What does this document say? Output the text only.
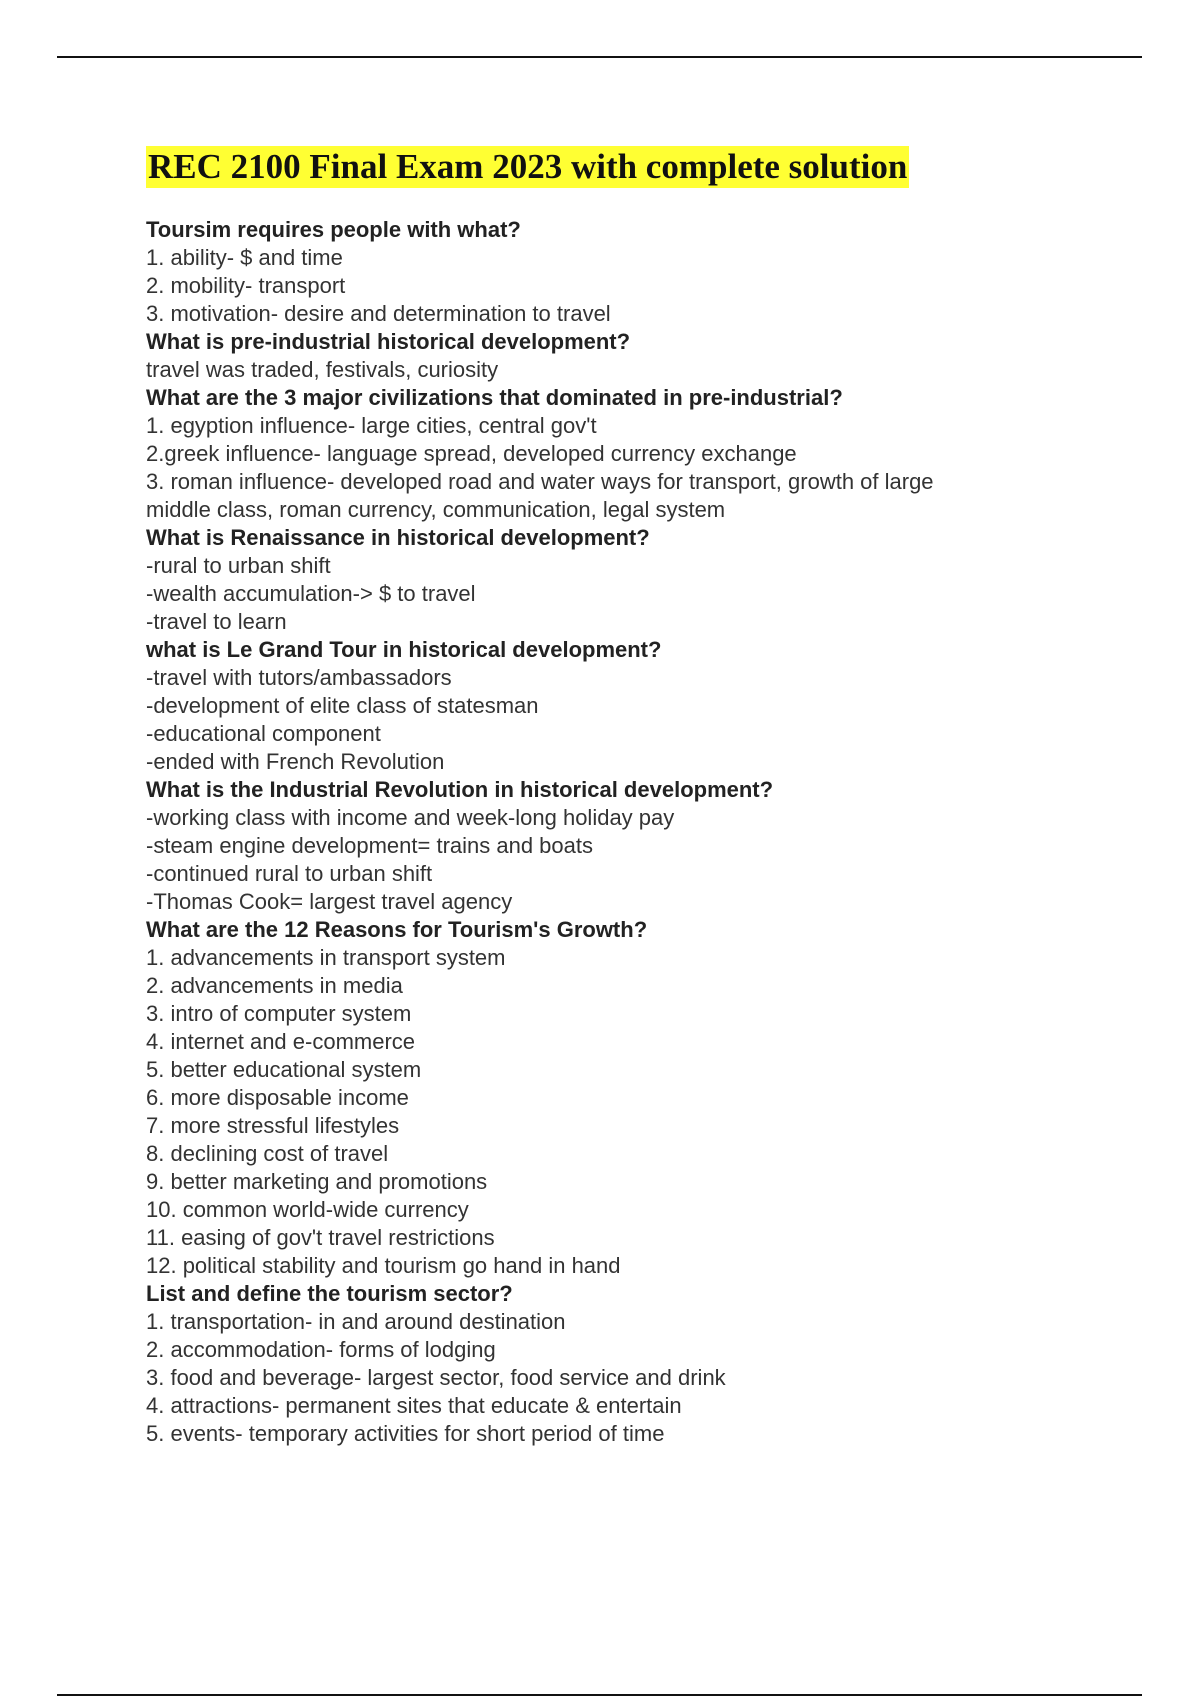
REC 2100 Final Exam 2023 with complete solution
Toursim requires people with what?
1. ability- $ and time
2. mobility- transport
3. motivation- desire and determination to travel
What is pre-industrial historical development?
travel was traded, festivals, curiosity
What are the 3 major civilizations that dominated in pre-industrial?
1. egyption influence- large cities, central gov't
2.greek influence- language spread, developed currency exchange
3. roman influence- developed road and water ways for transport, growth of large
middle class, roman currency, communication, legal system
What is Renaissance in historical development?
-rural to urban shift
-wealth accumulation-> $ to travel
-travel to learn
what is Le Grand Tour in historical development?
-travel with tutors/ambassadors
-development of elite class of statesman
-educational component
-ended with French Revolution
What is the Industrial Revolution in historical development?
-working class with income and week-long holiday pay
-steam engine development= trains and boats
-continued rural to urban shift
-Thomas Cook= largest travel agency
What are the 12 Reasons for Tourism's Growth?
1. advancements in transport system
2. advancements in media
3. intro of computer system
4. internet and e-commerce
5. better educational system
6. more disposable income
7. more stressful lifestyles
8. declining cost of travel
9. better marketing and promotions
10. common world-wide currency
11. easing of gov't travel restrictions
12. political stability and tourism go hand in hand
List and define the tourism sector?
1. transportation- in and around destination
2. accommodation- forms of lodging
3. food and beverage- largest sector, food service and drink
4. attractions- permanent sites that educate & entertain
5. events- temporary activities for short period of time
